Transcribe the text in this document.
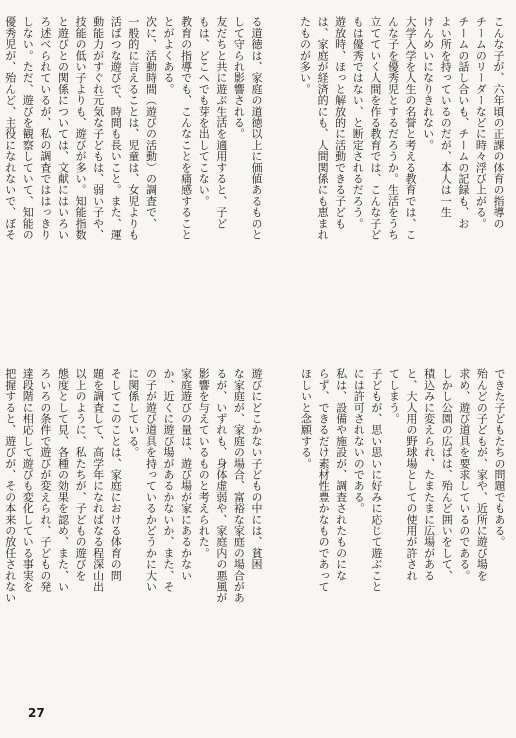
こんな子が、六年頃の正課の体育の指導の

チームのリーダーなどに時々浮び上がる。

チームの話し合いも、チームの記録も、お

よい所を持っているのだが、本人は一生

けんめいになりきれない。

大学入学を人生の名誉と考える教育では、こ

んな子を優秀児とするだろうか。生活をうち

立てていく人間を作る教育では、こんな子ど

もは優秀ではない、と断定されるだろう。

遊放時、ほっと解放的に活動できる子ども

は、家庭が経済的にも、人間関係にも恵まれ

たものが多い。

る道徳は、家庭の道徳以上に価値あるものと

して守られ影響される。

友だちと共に遊ぶ生活を適用すると、子ど

もは、どこへでも芽を出してこない。

教育の指導でも、こんなことを痛感すること

とがよくある。

次に、活動時間（遊びの活動）の調査で、

一般的に言えることは、児童は、女児よりも

活ぱつな遊びで、時間も長いこと。また、運

動能力がすぐれ元気な子どもは、弱い子や、

技能の低い子よりも、遊びが多い。知能指数

と遊びとの関係については、文献にはいろい

ろ述べられているが、私の調査でははっきり

しない。ただ、遊びを観察していて、知能の

優秀児が、殆んど、主役になれないで、ぼそ

できた子どもたちの問題でもある。

殆んどの子どもが、家や、近所に遊び場を

求め、遊び道具を要求しているのである。

しかし公園の広ばは、殆んど囲いをして、

積込みに変えられ、たまたまに広場がある

と、大人用の野球場としての使用が許され

てしまう。

子どもが、思い思いに好みに応じて遊ぶこと

には許可されないのである。

私は、設備や施設が、調査されたものにな

らず、できるだけ素材性豊かなものであって

ほしいと念願する。

遊びにどこかない子どもの中には、貧困

な家庭が、家庭の場合、富裕な家庭の場合があ

るが、いずれも、身体虚弱や、家庭内の悪風が

影響を与えているものと考えられた。

家庭遊びの量は、遊び場が家にあるかない

か、近くに遊び場があるかないか、また、そ

の子が遊び道具を持っているかどうかに大い

に関係している。

そしてこのことは、家庭における体育の問

題を調査して、高学年になればなる程深山出

以上のように、私たちが、子どもの遊びを

態度として見、各種の効果を認め、また、い

ろいろの条件で遊びが変えられ、子どもの発

達段階に相応して遊びも変化している事実を

把握すると、遊びが、その本来の放任されない

27
